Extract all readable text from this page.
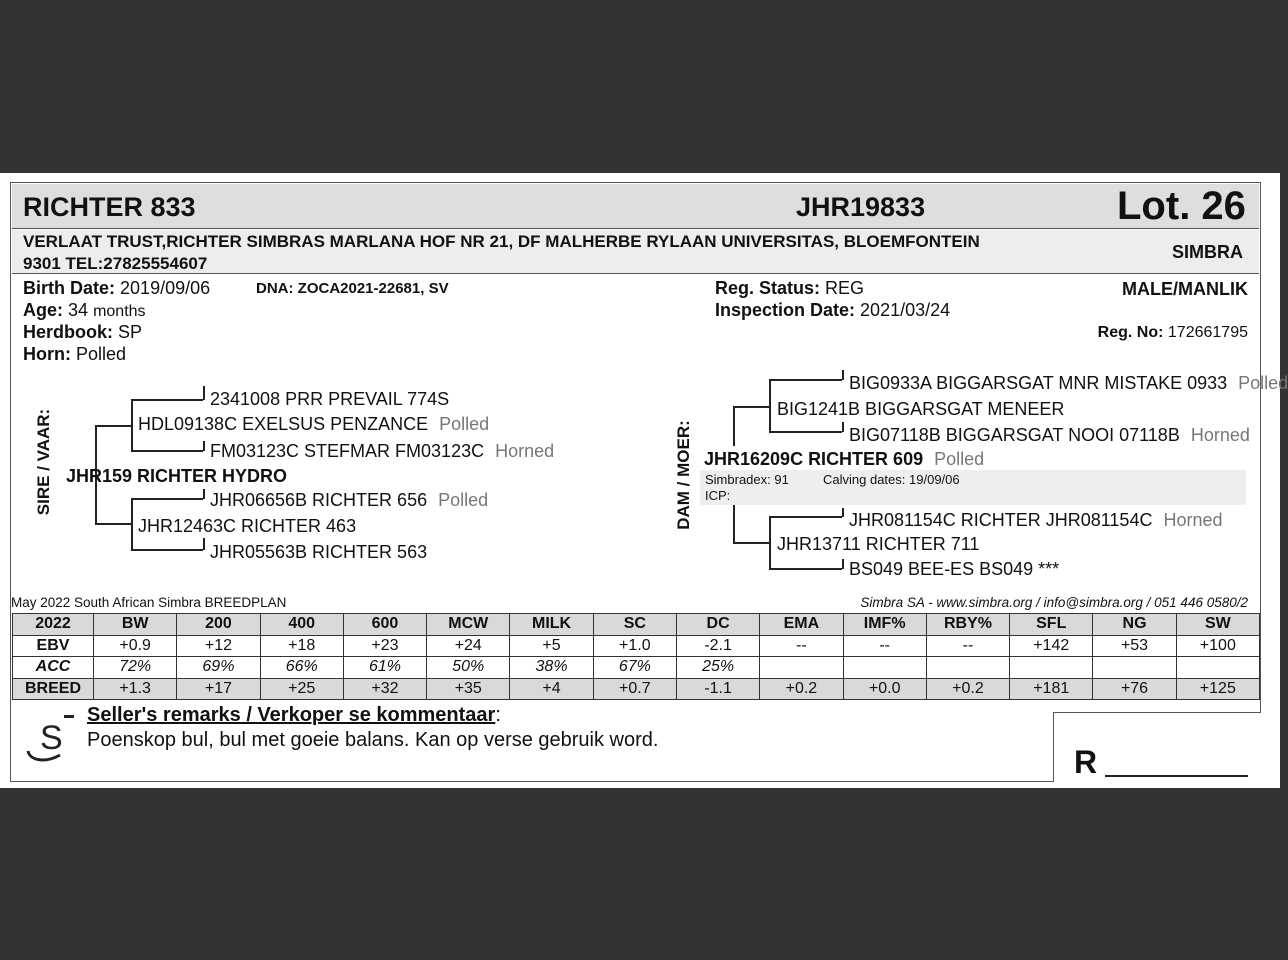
RICHTER 833	JHR19833	Lot. 26
VERLAAT TRUST,RICHTER SIMBRAS MARLANA HOF NR 21, DF MALHERBE RYLAAN UNIVERSITAS, BLOEMFONTEIN
9301 TEL:27825554607
SIMBRA
Birth Date: 2019/09/06
Age: 34 months
Herdbook: SP
Horn: Polled
DNA: ZOCA2021-22681, SV	Reg. Status: REG
Inspection Date: 2021/03/24
MALE/MANLIK
Reg. No: 172661795
SIRE / VAAR:
2341008 PRR PREVAIL 774S
HDL09138C EXELSUS PENZANCE Polled
FM03123C STEFMAR FM03123C Horned
JHR159 RICHTER HYDRO
JHR06656B RICHTER 656 Polled
JHR12463C RICHTER 463
JHR05563B RICHTER 563
DAM / MOER:
BIG0933A BIGGARSGAT MNR MISTAKE 0933 Polled
BIG1241B BIGGARSGAT MENEER
BIG07118B BIGGARSGAT NOOI 07118B Horned
JHR16209C RICHTER 609 Polled
Simbradex: 91	Calving dates: 19/09/06
ICP:
JHR081154C RICHTER JHR081154C Horned
JHR13711 RICHTER 711
BS049 BEE-ES BS049 ***
May 2022 South African Simbra BREEDPLAN	Simbra SA - www.simbra.org / info@simbra.org / 051 446 0580/2
2022	BW	200	400	600	MCW	MILK	SC	DC	EMA	IMF%	RBY%	SFL	NG	SW
EBV	+0.9	+12	+18	+23	+24	+5	+1.0	-2.1	--	--	--	+142	+53	+100
ACC	72%	69%	66%	61%	50%	38%	67%	25%						
BREED	+1.3	+17	+25	+32	+35	+4	+0.7	-1.1	+0.2	+0.0	+0.2	+181	+76	+125
S
Seller's remarks / Verkoper se kommentaar:
Poenskop bul, bul met goeie balans. Kan op verse gebruik word.
R
